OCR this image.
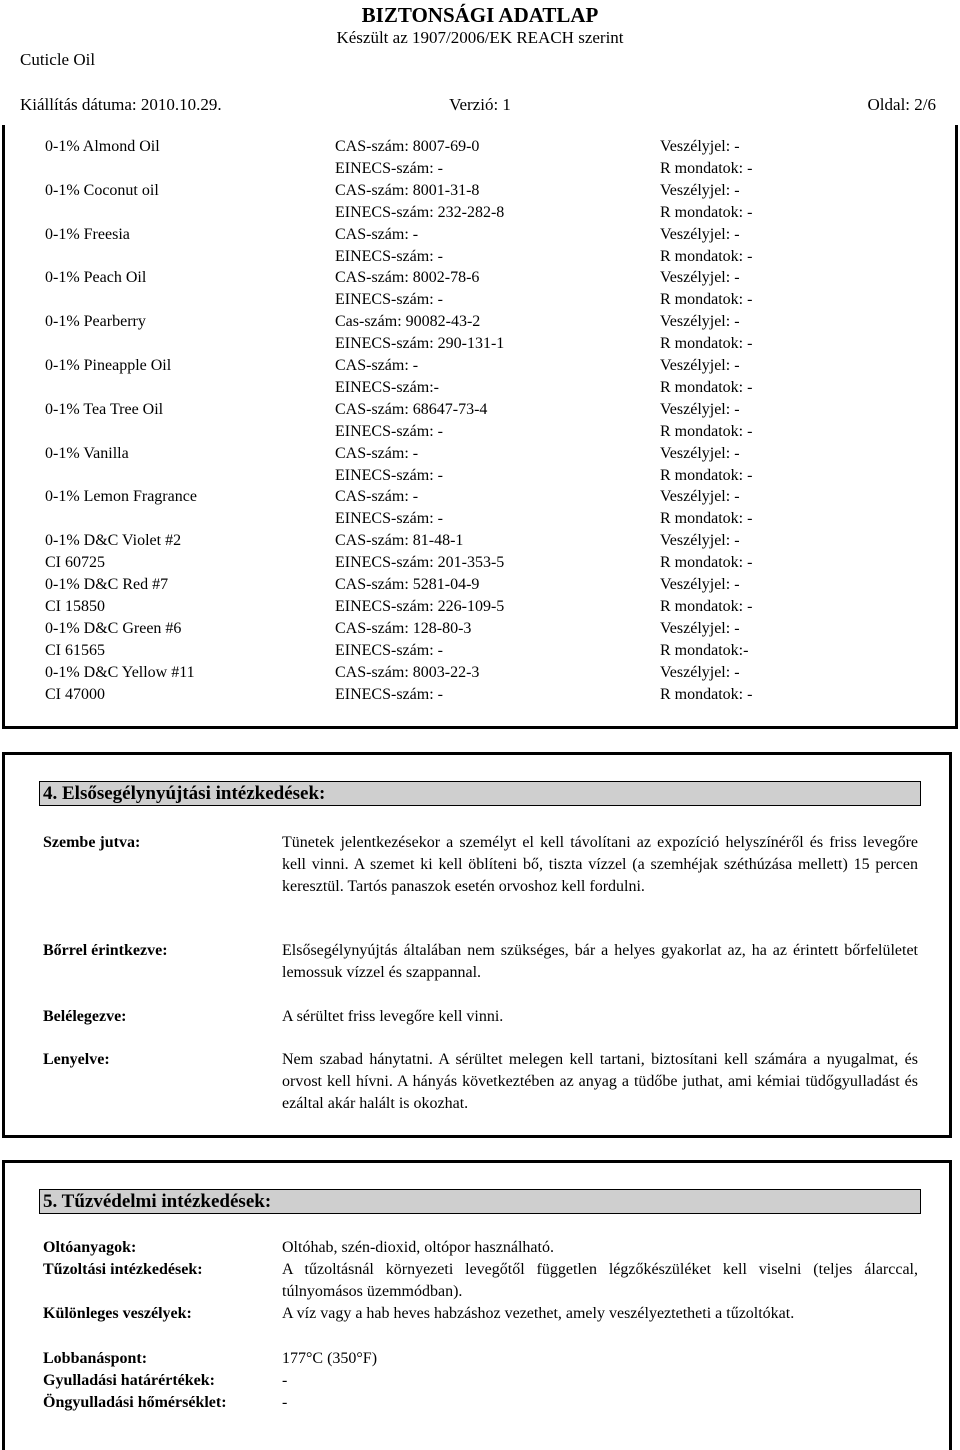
BIZTONSÁGI ADATLAP
Készült az 1907/2006/EK REACH szerint
Cuticle Oil
Kiállítás dátuma: 2010.10.29.	Verzió: 1	Oldal: 2/6
0-1% Almond Oil	CAS-szám: 8007-69-0	Veszélyjel: -
EINECS-szám: -	R mondatok: -
0-1% Coconut oil	CAS-szám: 8001-31-8	Veszélyjel: -
EINECS-szám: 232-282-8	R mondatok: -
0-1% Freesia	CAS-szám: -	Veszélyjel: -
EINECS-szám: -	R mondatok: -
0-1% Peach Oil	CAS-szám: 8002-78-6	Veszélyjel: -
EINECS-szám: -	R mondatok: -
0-1% Pearberry	Cas-szám: 90082-43-2	Veszélyjel: -
EINECS-szám: 290-131-1	R mondatok: -
0-1% Pineapple Oil	CAS-szám: -	Veszélyjel: -
EINECS-szám:-	R mondatok: -
0-1% Tea Tree Oil	CAS-szám: 68647-73-4	Veszélyjel: -
EINECS-szám: -	R mondatok: -
0-1% Vanilla	CAS-szám: -	Veszélyjel: -
EINECS-szám: -	R mondatok: -
0-1% Lemon Fragrance	CAS-szám: -	Veszélyjel: -
EINECS-szám: -	R mondatok: -
0-1% D&C Violet #2	CAS-szám: 81-48-1	Veszélyjel: -
CI 60725	EINECS-szám: 201-353-5	R mondatok: -
0-1% D&C Red #7	CAS-szám: 5281-04-9	Veszélyjel: -
CI 15850	EINECS-szám: 226-109-5	R mondatok: -
0-1% D&C Green #6	CAS-szám: 128-80-3	Veszélyjel: -
CI 61565	EINECS-szám: -	R mondatok:-
0-1% D&C Yellow #11	CAS-szám: 8003-22-3	Veszélyjel: -
CI 47000	EINECS-szám: -	R mondatok: -
4. Elsősegélynyújtási intézkedések:
Szembe jutva:	Tünetek jelentkezésekor a személyt el kell távolítani az expozíció helyszínéről és friss levegőre kell vinni. A szemet ki kell öblíteni bő, tiszta vízzel (a szemhéjak széthúzása mellett) 15 percen keresztül. Tartós panaszok esetén orvoshoz kell fordulni.
Bőrrel érintkezve:	Elsősegélynyújtás általában nem szükséges, bár a helyes gyakorlat az, ha az érintett bőrfelületet lemossuk vízzel és szappannal.
Belélegezve:	A sérültet friss levegőre kell vinni.
Lenyelve:	Nem szabad hánytatni. A sérültet melegen kell tartani, biztosítani kell számára a nyugalmat, és orvost kell hívni. A hányás következtében az anyag a tüdőbe juthat, ami kémiai tüdőgyulladást és ezáltal akár halált is okozhat.
5. Tűzvédelmi intézkedések:
Oltóanyagok:	Oltóhab, szén-dioxid, oltópor használható.
Tűzoltási intézkedések:	A tűzoltásnál környezeti levegőtől független légzőkészüléket kell viselni (teljes álarccal, túlnyomásos üzemmódban).
Különleges veszélyek:	A víz vagy a hab heves habzáshoz vezethet, amely veszélyeztetheti a tűzoltókat.
Lobbanáspont:	177°C (350°F)
Gyulladási határértékek:	-
Öngyulladási hőmérséklet:	-
